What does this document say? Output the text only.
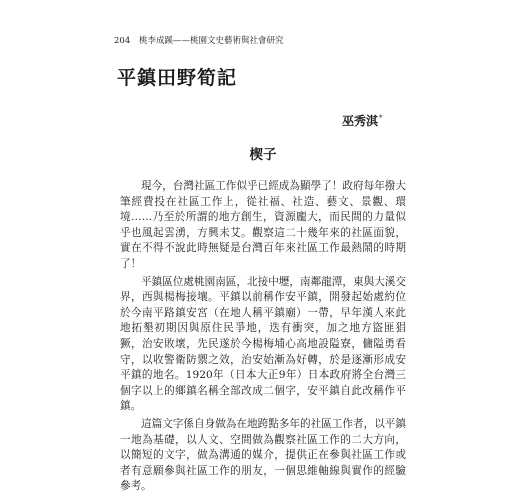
204 桃李成蹊——桃園文史藝術與社會研究
平鎮田野筍記
巫秀淇*
楔子

現今，台灣社區工作似乎已經成為顯學了！政府每年撥大筆經費投在社區工作上，從社福、社造、藝文、景觀、環境……乃至於所謂的地方創生，資源龐大，而民間的力量似乎也風起雲湧，方興未艾。觀察這二十幾年來的社區面貌，實在不得不說此時無疑是台灣百年來社區工作最熱鬧的時期了！

平鎮區位處桃園南區，北接中壢，南鄰龍潭，東與大溪交界，西與楊梅接壤。平鎮以前稱作安平鎮，開發起始處約位於今南平路鎮安宮（在地人稱平鎮廟）一帶，早年漢人來此地拓墾初期因與原住民爭地，迭有衝突，加之地方盜匪猖獗，治安敗壞，先民遂於今楊梅埔心高地設隘寮，傭隘勇看守，以收警衛防禦之效，治安始漸為好轉，於是逐漸形成安平鎮的地名。1920年（日本大正9年）日本政府將全台灣三個字以上的鄉鎮名稱全部改成二個字，安平鎮自此改稱作平鎮。

這篇文字係自身做為在地跨點多年的社區工作者，以平鎮一地為基礎，以人文、空間做為觀察社區工作的二大方向，以簡短的文字，做為溝通的媒介，提供正在參與社區工作或者有意願參與社區工作的朋友，一個思維軸線與實作的經驗參考。
